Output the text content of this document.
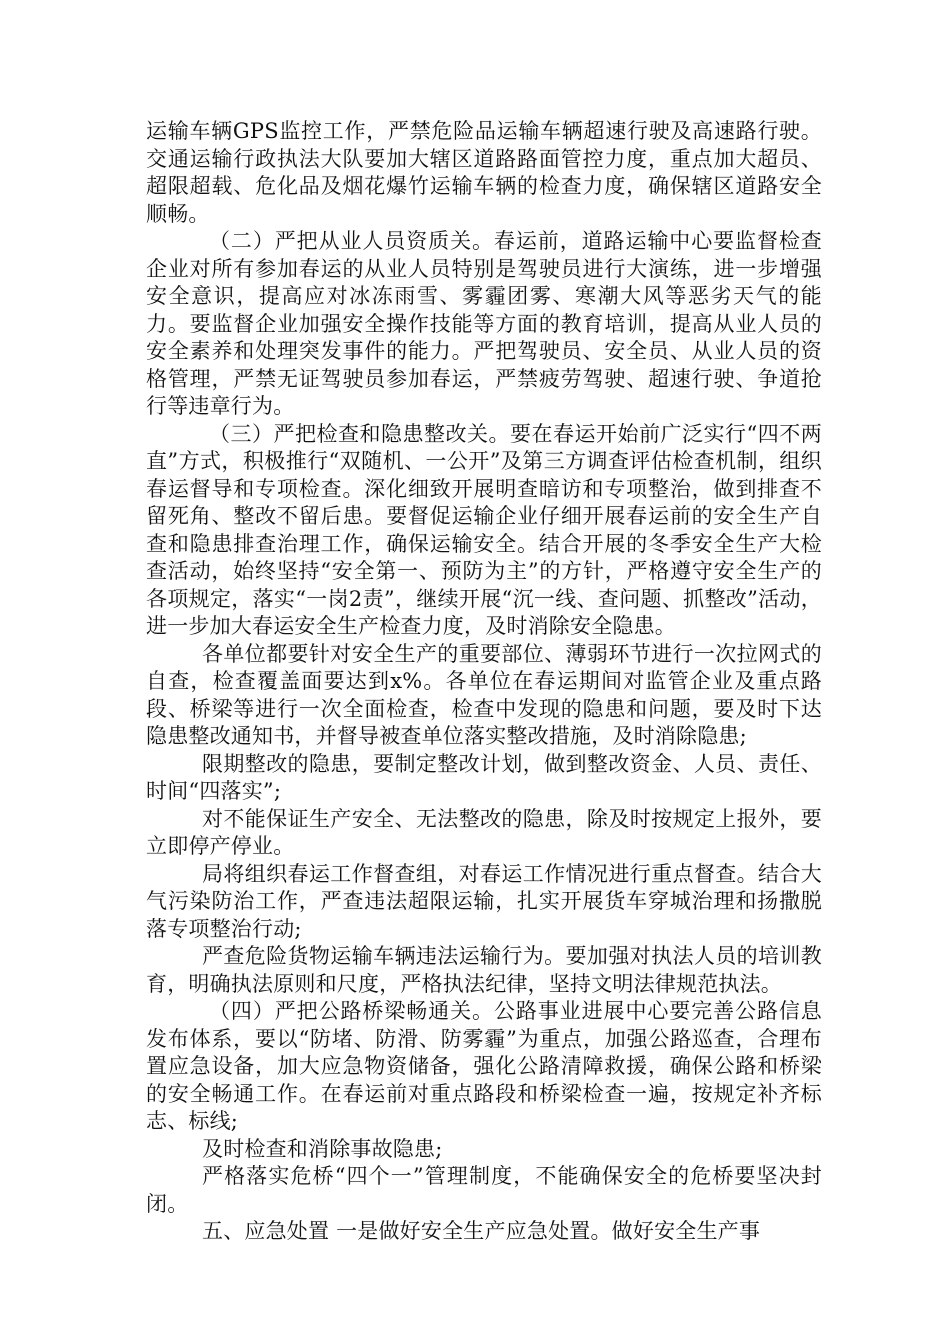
运输车辆GPS监控工作，严禁危险品运输车辆超速行驶及高速路行驶。交通运输行政执法大队要加大辖区道路路面管控力度，重点加大超员、超限超载、危化品及烟花爆竹运输车辆的检查力度，确保辖区道路安全顺畅。

（二）严把从业人员资质关。春运前，道路运输中心要监督检查企业对所有参加春运的从业人员特别是驾驶员进行大演练，进一步增强安全意识，提高应对冰冻雨雪、雾霾团雾、寒潮大风等恶劣天气的能力。要监督企业加强安全操作技能等方面的教育培训，提高从业人员的安全素养和处理突发事件的能力。严把驾驶员、安全员、从业人员的资格管理，严禁无证驾驶员参加春运，严禁疲劳驾驶、超速行驶、争道抢行等违章行为。

（三）严把检查和隐患整改关。要在春运开始前广泛实行“四不两直”方式，积极推行“双随机、一公开”及第三方调查评估检查机制，组织春运督导和专项检查。深化细致开展明查暗访和专项整治，做到排查不留死角、整改不留后患。要督促运输企业仔细开展春运前的安全生产自查和隐患排查治理工作，确保运输安全。结合开展的冬季安全生产大检查活动，始终坚持“安全第一、预防为主”的方针，严格遵守安全生产的各项规定，落实“一岗2责”，继续开展“沉一线、查问题、抓整改”活动，进一步加大春运安全生产检查力度，及时消除安全隐患。

各单位都要针对安全生产的重要部位、薄弱环节进行一次拉网式的自查，检查覆盖面要达到x%。各单位在春运期间对监管企业及重点路段、桥梁等进行一次全面检查，检查中发现的隐患和问题，要及时下达隐患整改通知书，并督导被查单位落实整改措施，及时消除隐患;

限期整改的隐患，要制定整改计划，做到整改资金、人员、责任、时间“四落实”;

对不能保证生产安全、无法整改的隐患，除及时按规定上报外，要立即停产停业。

局将组织春运工作督查组，对春运工作情况进行重点督查。结合大气污染防治工作，严查违法超限运输，扎实开展货车穿城治理和扬撒脱落专项整治行动;

严查危险货物运输车辆违法运输行为。要加强对执法人员的培训教育，明确执法原则和尺度，严格执法纪律，坚持文明法律规范执法。

（四）严把公路桥梁畅通关。公路事业进展中心要完善公路信息发布体系，要以“防堵、防滑、防雾霾”为重点，加强公路巡查，合理布置应急设备，加大应急物资储备，强化公路清障救援，确保公路和桥梁的安全畅通工作。在春运前对重点路段和桥梁检查一遍，按规定补齐标志、标线;

及时检查和消除事故隐患;

严格落实危桥“四个一”管理制度，不能确保安全的危桥要坚决封闭。

五、应急处置 一是做好安全生产应急处置。做好安全生产事
